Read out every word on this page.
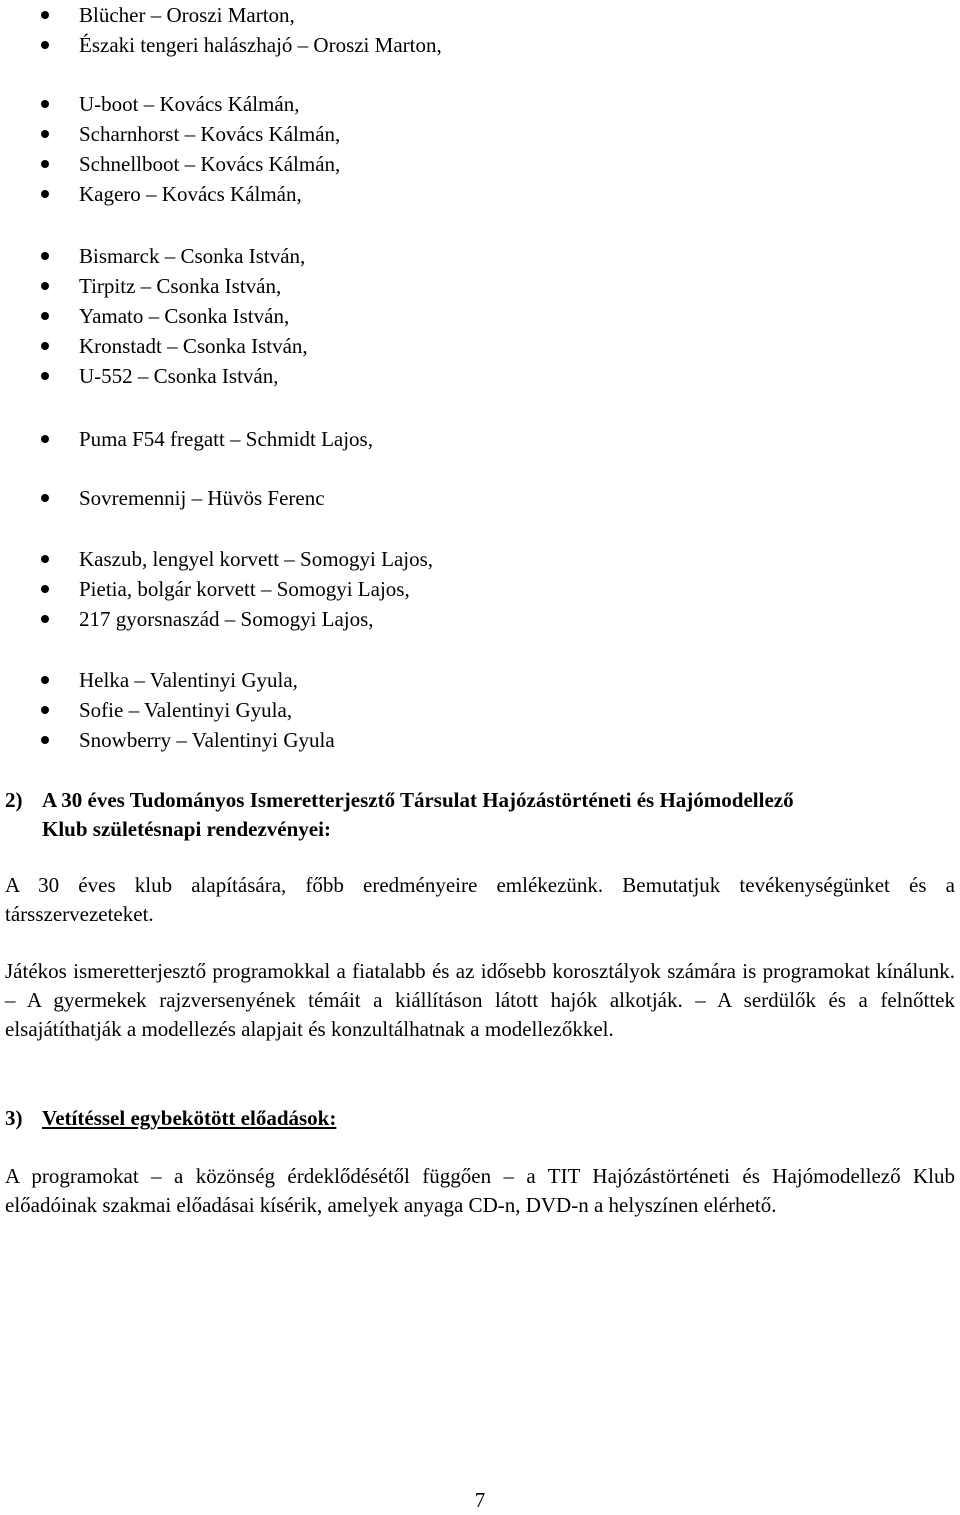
Blücher – Oroszi Marton,
Északi tengeri halászhajó – Oroszi Marton,
U-boot – Kovács Kálmán,
Scharnhorst – Kovács Kálmán,
Schnellboot – Kovács Kálmán,
Kagero – Kovács Kálmán,
Bismarck – Csonka István,
Tirpitz – Csonka István,
Yamato – Csonka István,
Kronstadt – Csonka István,
U-552 – Csonka István,
Puma F54 fregatt – Schmidt Lajos,
Sovremennij – Hüvös Ferenc
Kaszub, lengyel korvett – Somogyi Lajos,
Pietia, bolgár korvett – Somogyi Lajos,
217 gyorsnaszád – Somogyi Lajos,
Helka – Valentinyi Gyula,
Sofie – Valentinyi Gyula,
Snowberry – Valentinyi Gyula
2) A 30 éves Tudományos Ismeretterjesztő Társulat Hajózástörténeti és Hajómodellező
Klub születésnapi rendezvényei:

A 30 éves klub alapítására, főbb eredményeire emlékezünk. Bemutatjuk tevékenységünket és a társszervezeteket.

Játékos ismeretterjesztő programokkal a fiatalabb és az idősebb korosztályok számára is programokat kínálunk. – A gyermekek rajzversenyének témáit a kiállításon látott hajók alkotják. – A serdülők és a felnőttek elsajátíthatják a modellezés alapjait és konzultálhatnak a modellezőkkel.

3) Vetítéssel egybekötött előadások:

A programokat – a közönség érdeklődésétől függően – a TIT Hajózástörténeti és Hajómodellező Klub előadóinak szakmai előadásai kísérik, amelyek anyaga CD-n, DVD-n a helyszínen elérhető.

7
